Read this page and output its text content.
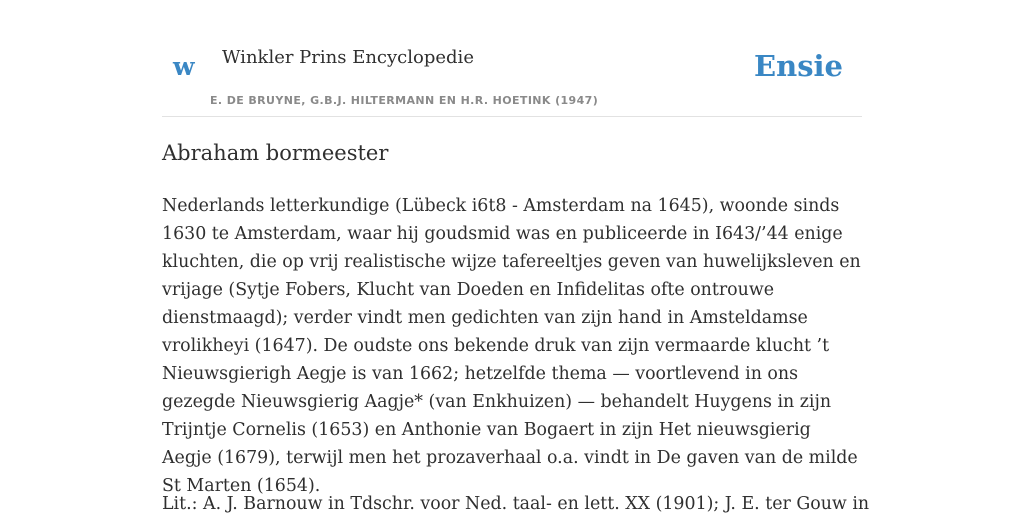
w Winkler Prins Encyclopedie
E. DE BRUYNE, G.B.J. HILTERMANN EN H.R. HOETINK (1947)
Ensie
Abraham bormeester

Nederlands letterkundige (Lübeck i6t8 - Amsterdam na 1645), woonde sinds 1630 te Amsterdam, waar hij goudsmid was en publiceerde in I643/’44 enige kluchten, die op vrij realistische wijze tafereeltjes geven van huwelijksleven en vrijage (Sytje Fobers, Klucht van Doeden en Infidelitas ofte ontrouwe dienstmaagd); verder vindt men gedichten van zijn hand in Amsteldamse vrolikheyi (1647). De oudste ons bekende druk van zijn vermaarde klucht ’t Nieuwsgierigh Aegje is van 1662; hetzelfde thema — voortlevend in ons gezegde Nieuwsgierig Aagje* (van Enkhuizen) — behandelt Huygens in zijn Trijntje Cornelis (1653) en Anthonie van Bogaert in zijn Het nieuwsgierig Aegje (1679), terwijl men het prozaverhaal o.a. vindt in De gaven van de milde St Marten (1654).

Lit.: A. J. Barnouw in Tdschr. voor Ned. taal- en lett. XX (1901); J. E. ter Gouw in
